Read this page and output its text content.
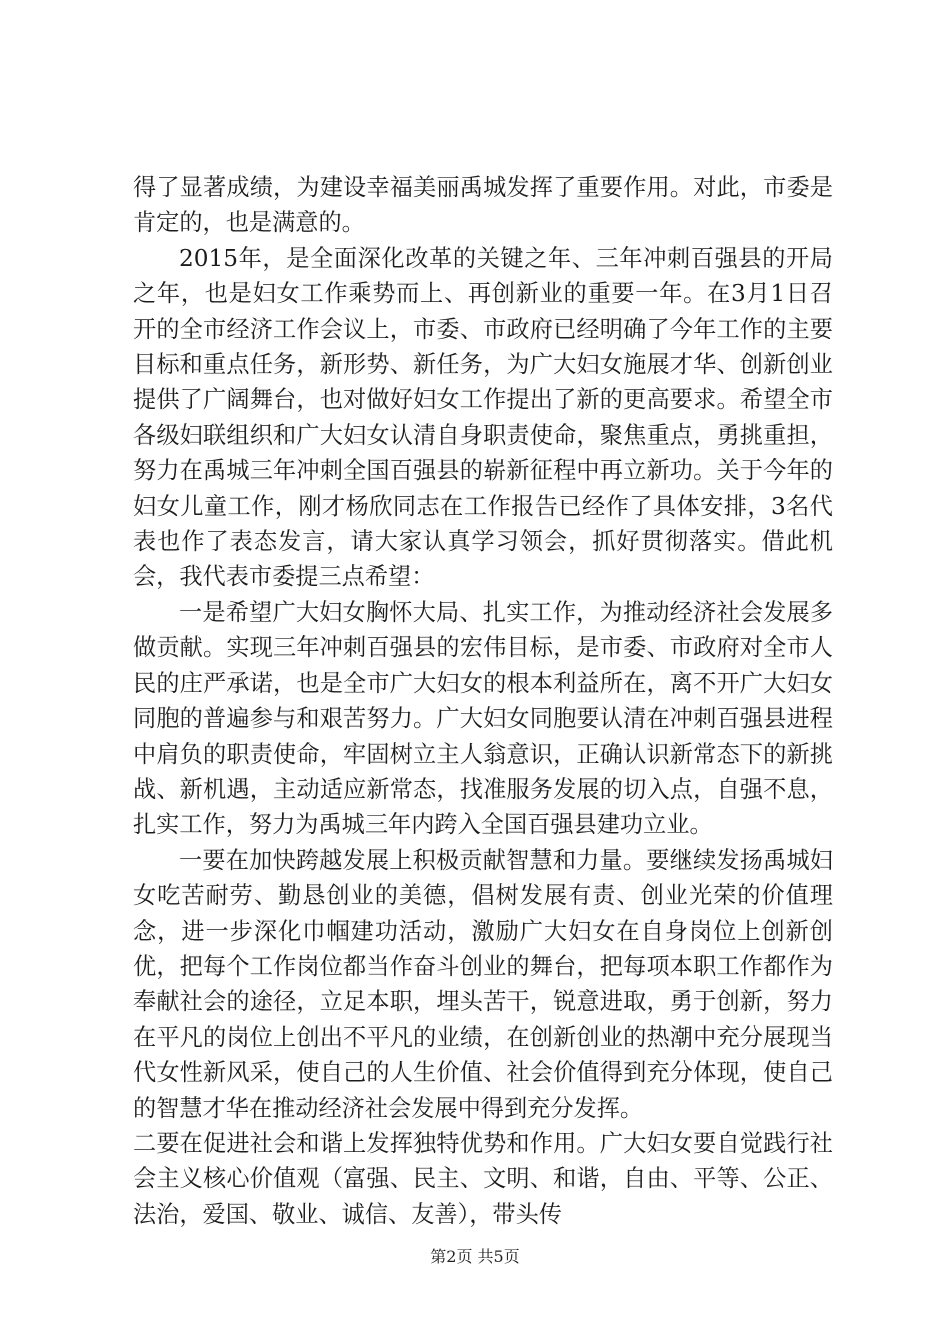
得了显著成绩，为建设幸福美丽禹城发挥了重要作用。对此，市委是肯定的，也是满意的。

2015年，是全面深化改革的关键之年、三年冲刺百强县的开局之年，也是妇女工作乘势而上、再创新业的重要一年。在3月1日召开的全市经济工作会议上，市委、市政府已经明确了今年工作的主要目标和重点任务，新形势、新任务，为广大妇女施展才华、创新创业提供了广阔舞台，也对做好妇女工作提出了新的更高要求。希望全市各级妇联组织和广大妇女认清自身职责使命，聚焦重点，勇挑重担，努力在禹城三年冲刺全国百强县的崭新征程中再立新功。关于今年的妇女儿童工作，刚才杨欣同志在工作报告已经作了具体安排，3名代表也作了表态发言，请大家认真学习领会，抓好贯彻落实。借此机会，我代表市委提三点希望：

一是希望广大妇女胸怀大局、扎实工作，为推动经济社会发展多做贡献。实现三年冲刺百强县的宏伟目标，是市委、市政府对全市人民的庄严承诺，也是全市广大妇女的根本利益所在，离不开广大妇女同胞的普遍参与和艰苦努力。广大妇女同胞要认清在冲刺百强县进程中肩负的职责使命，牢固树立主人翁意识，正确认识新常态下的新挑战、新机遇，主动适应新常态，找准服务发展的切入点，自强不息，扎实工作，努力为禹城三年内跨入全国百强县建功立业。

一要在加快跨越发展上积极贡献智慧和力量。要继续发扬禹城妇女吃苦耐劳、勤恳创业的美德，倡树发展有责、创业光荣的价值理念，进一步深化巾帼建功活动，激励广大妇女在自身岗位上创新创优，把每个工作岗位都当作奋斗创业的舞台，把每项本职工作都作为奉献社会的途径，立足本职，埋头苦干，锐意进取，勇于创新，努力在平凡的岗位上创出不平凡的业绩，在创新创业的热潮中充分展现当代女性新风采，使自己的人生价值、社会价值得到充分体现，使自己的智慧才华在推动经济社会发展中得到充分发挥。

二要在促进社会和谐上发挥独特优势和作用。广大妇女要自觉践行社会主义核心价值观（富强、民主、文明、和谐，自由、平等、公正、法治，爱国、敬业、诚信、友善），带头传

第2页 共5页
